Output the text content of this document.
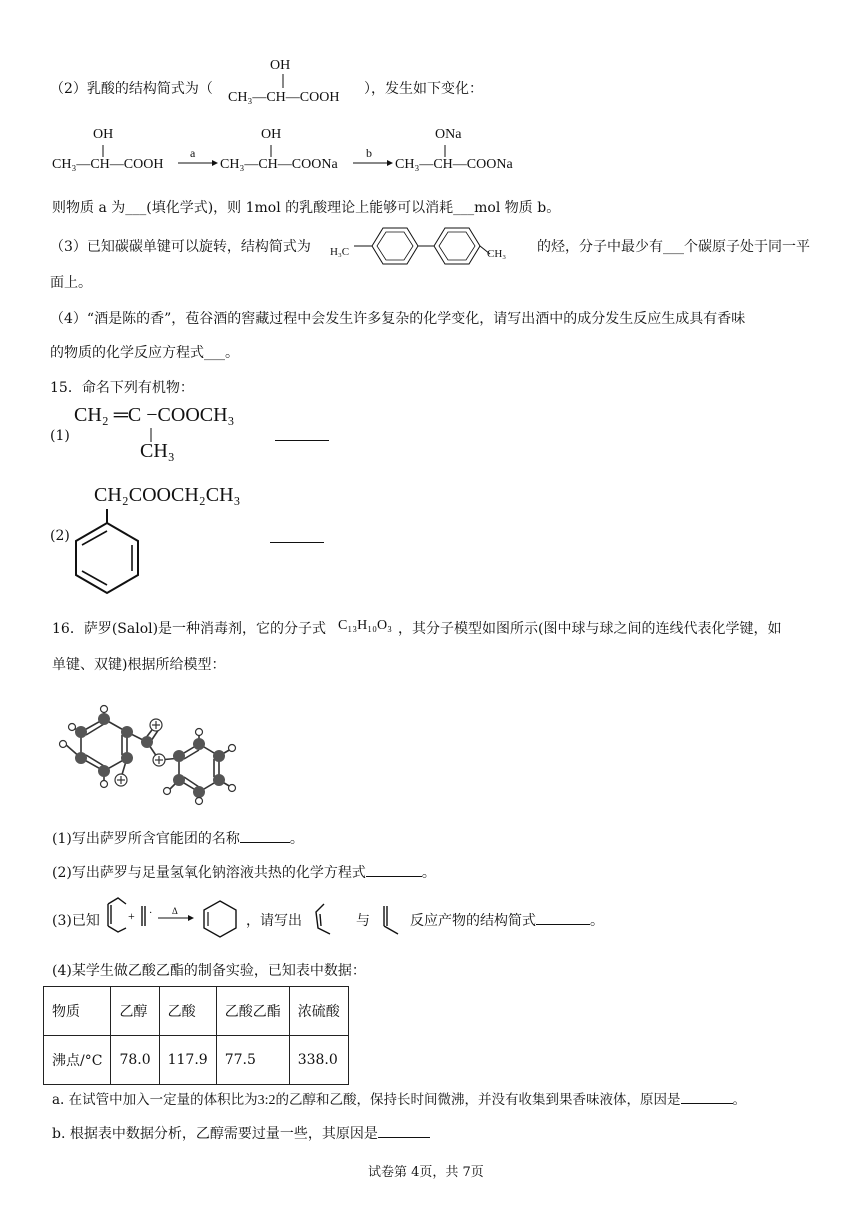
（2）乳酸的结构简式为（
OH
CH₃—CH—COOH
），发生如下变化：
OH
CH₃—CH—COOH
a
OH
CH₃—CH—COONa
b
ONa
CH₃—CH—COONa
则物质 a 为___(填化学式)，则 1mol 的乳酸理论上能够可以消耗___mol 物质 b。
（3）已知碳碳单键可以旋转，结构简式为 H₃C	CH₃ 的烃，分子中最少有___个碳原子处于同一平
面上。
（4）“酒是陈的香”，苞谷酒的窖藏过程中会发生许多复杂的化学变化，请写出酒中的成分发生反应生成具有香味
的物质的化学反应方程式___。
15．命名下列有机物：
(1)
CH₂ ═C −COOCH₃
CH₃
CH₂COOCH₂CH₃
(2)
16．萨罗(Salol)是一种消毒剂，它的分子式 C₁₃H₁₀O₃ ，其分子模型如图所示(图中球与球之间的连线代表化学键，如
单键、双键)根据所给模型：
(1)写出萨罗所含官能团的名称	。
(2)写出萨罗与足量氢氧化钠溶液共热的化学方程式	。
(3)已知 + · Δ
，请写出	与	反应产物的结构简式	。
(4)某学生做乙酸乙酯的制备实验，已知表中数据：
物质	乙醇	乙酸	乙酸乙酯	浓硫酸
沸点/°C	78.0	117.9	77.5	338.0
a. 在试管中加入一定量的体积比为3:2的乙醇和乙酸，保持长时间微沸，并没有收集到果香味液体，原因是	。
b. 根据表中数据分析，乙醇需要过量一些，其原因是
试卷第 4页，共 7页
